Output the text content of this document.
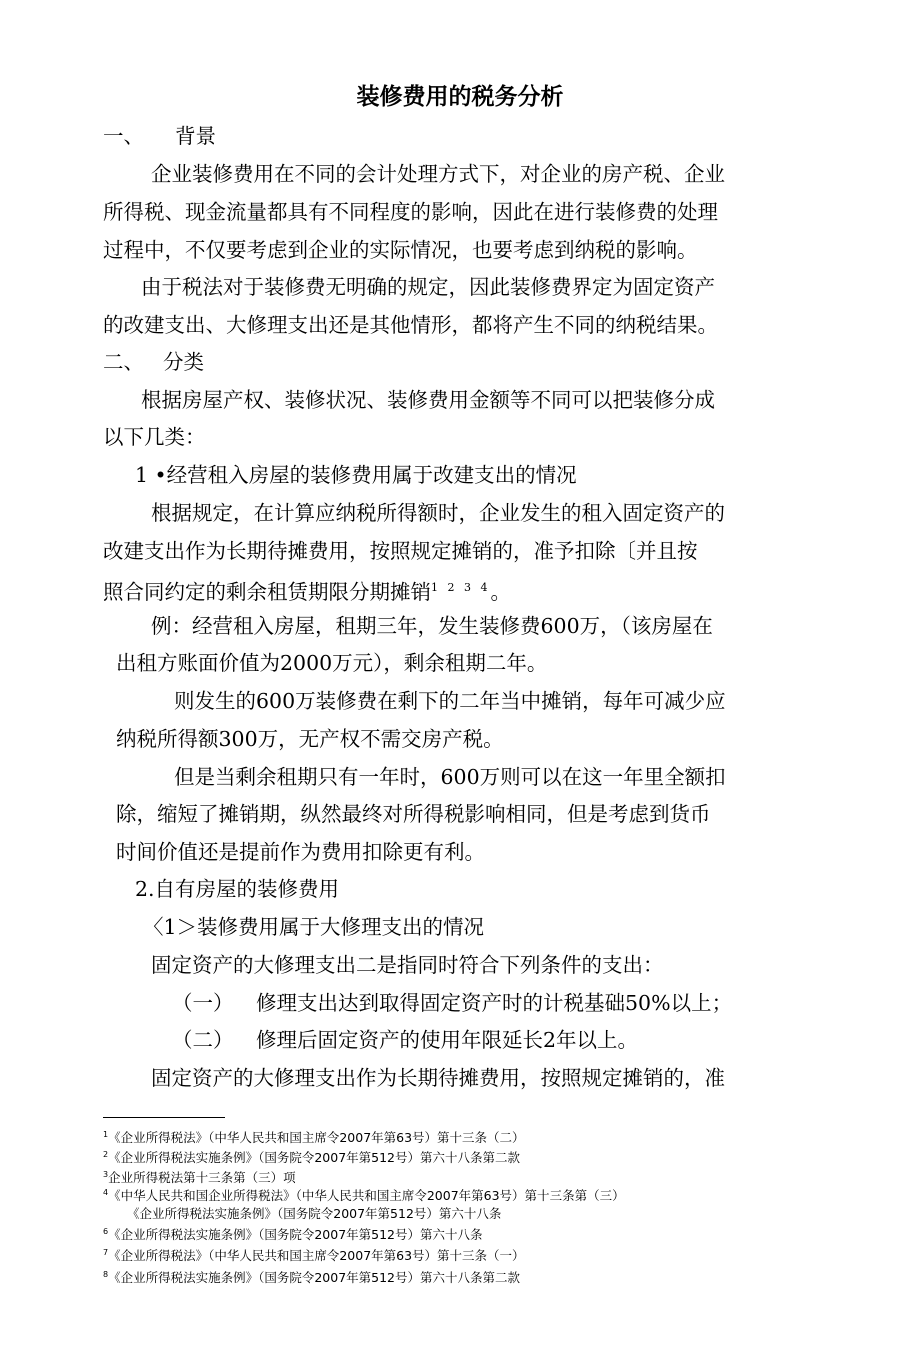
装修费用的税务分析
一、 背景
企业装修费用在不同的会计处理方式下，对企业的房产税、企业
所得税、现金流量都具有不同程度的影响，因此在进行装修费的处理
过程中，不仅要考虑到企业的实际情况，也要考虑到纳税的影响。
由于税法对于装修费无明确的规定，因此装修费界定为固定资产
的改建支出、大修理支出还是其他情形，都将产生不同的纳税结果。
二、 分类
根据房屋产权、装修状况、装修费用金额等不同可以把装修分成
以下几类：
1 •经营租入房屋的装修费用属于改建支出的情况
根据规定，在计算应纳税所得额时，企业发生的租入固定资产的
改建支出作为长期待摊费用，按照规定摊销的，准予扣除〔并且按
照合同约定的剩余租赁期限分期摊销$^{1 2 3 4}$。
例：经营租入房屋，租期三年，发生装修费600万，（该房屋在
出租方账面价值为2000万元），剩余租期二年。
则发生的600万装修费在剩下的二年当中摊销，每年可减少应
纳税所得额300万，无产权不需交房产税。
但是当剩余租期只有一年时，600万则可以在这一年里全额扣
除，缩短了摊销期，纵然最终对所得税影响相同，但是考虑到货币
时间价值还是提前作为费用扣除更有利。
2.自有房屋的装修费用
〈1＞装修费用属于大修理支出的情况
固定资产的大修理支出二是指同时符合下列条件的支出：
（一） 修理支出达到取得固定资产时的计税基础50%以上；
（二） 修理后固定资产的使用年限延长2年以上。
固定资产的大修理支出作为长期待摊费用，按照规定摊销的，准
$^1$《企业所得税法》（中华人民共和国主席令2007年第63号）第十三条（二）
$^2$《企业所得税法实施条例》（国务院令2007年第512号）第六十八条第二款
$^3$企业所得税法第十三条第（三）项
$^4$《中华人民共和国企业所得税法》（中华人民共和国主席令2007年第63号）第十三条第（三）
《企业所得税法实施条例》（国务院令2007年第512号）第六十八条
$^6$《企业所得税法实施条例》（国务院令2007年第512号）第六十八条
$^7$《企业所得税法》（中华人民共和国主席令2007年第63号）第十三条（一）
$^8$《企业所得税法实施条例》（国务院令2007年第512号）第六十八条第二款
